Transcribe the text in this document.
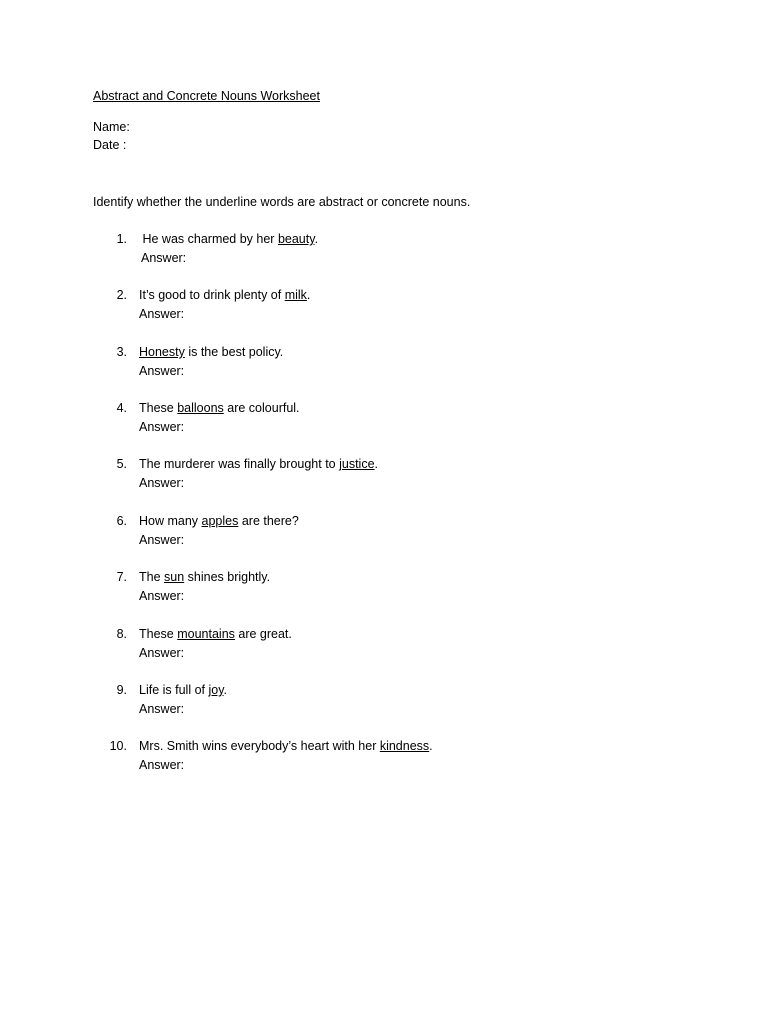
Abstract and Concrete Nouns Worksheet
Name:
Date :
Identify whether the underline words are abstract or concrete nouns.
1. He was charmed by her beauty.
Answer:
2. It’s good to drink plenty of milk.
Answer:
3. Honesty is the best policy.
Answer:
4. These balloons are colourful.
Answer:
5. The murderer was finally brought to justice.
Answer:
6. How many apples are there?
Answer:
7. The sun shines brightly.
Answer:
8. These mountains are great.
Answer:
9. Life is full of joy.
Answer:
10. Mrs. Smith wins everybody’s heart with her kindness.
Answer:
